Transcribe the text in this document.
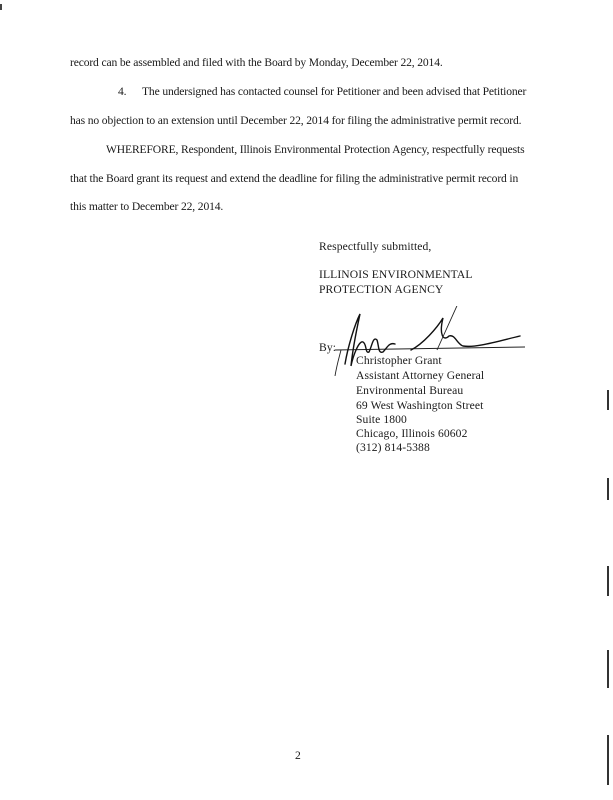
record can be assembled and filed with the Board by Monday, December 22, 2014.
4. The undersigned has contacted counsel for Petitioner and been advised that Petitioner
has no objection to an extension until December 22, 2014 for filing the administrative permit record.
WHEREFORE, Respondent, Illinois Environmental Protection Agency, respectfully requests
that the Board grant its request and extend the deadline for filing the administrative permit record in
this matter to December 22, 2014.
Respectfully submitted,
ILLINOIS ENVIRONMENTAL
PROTECTION AGENCY
By:
Christopher Grant
Assistant Attorney General
Environmental Bureau
69 West Washington Street
Suite 1800
Chicago, Illinois 60602
(312) 814-5388
2
